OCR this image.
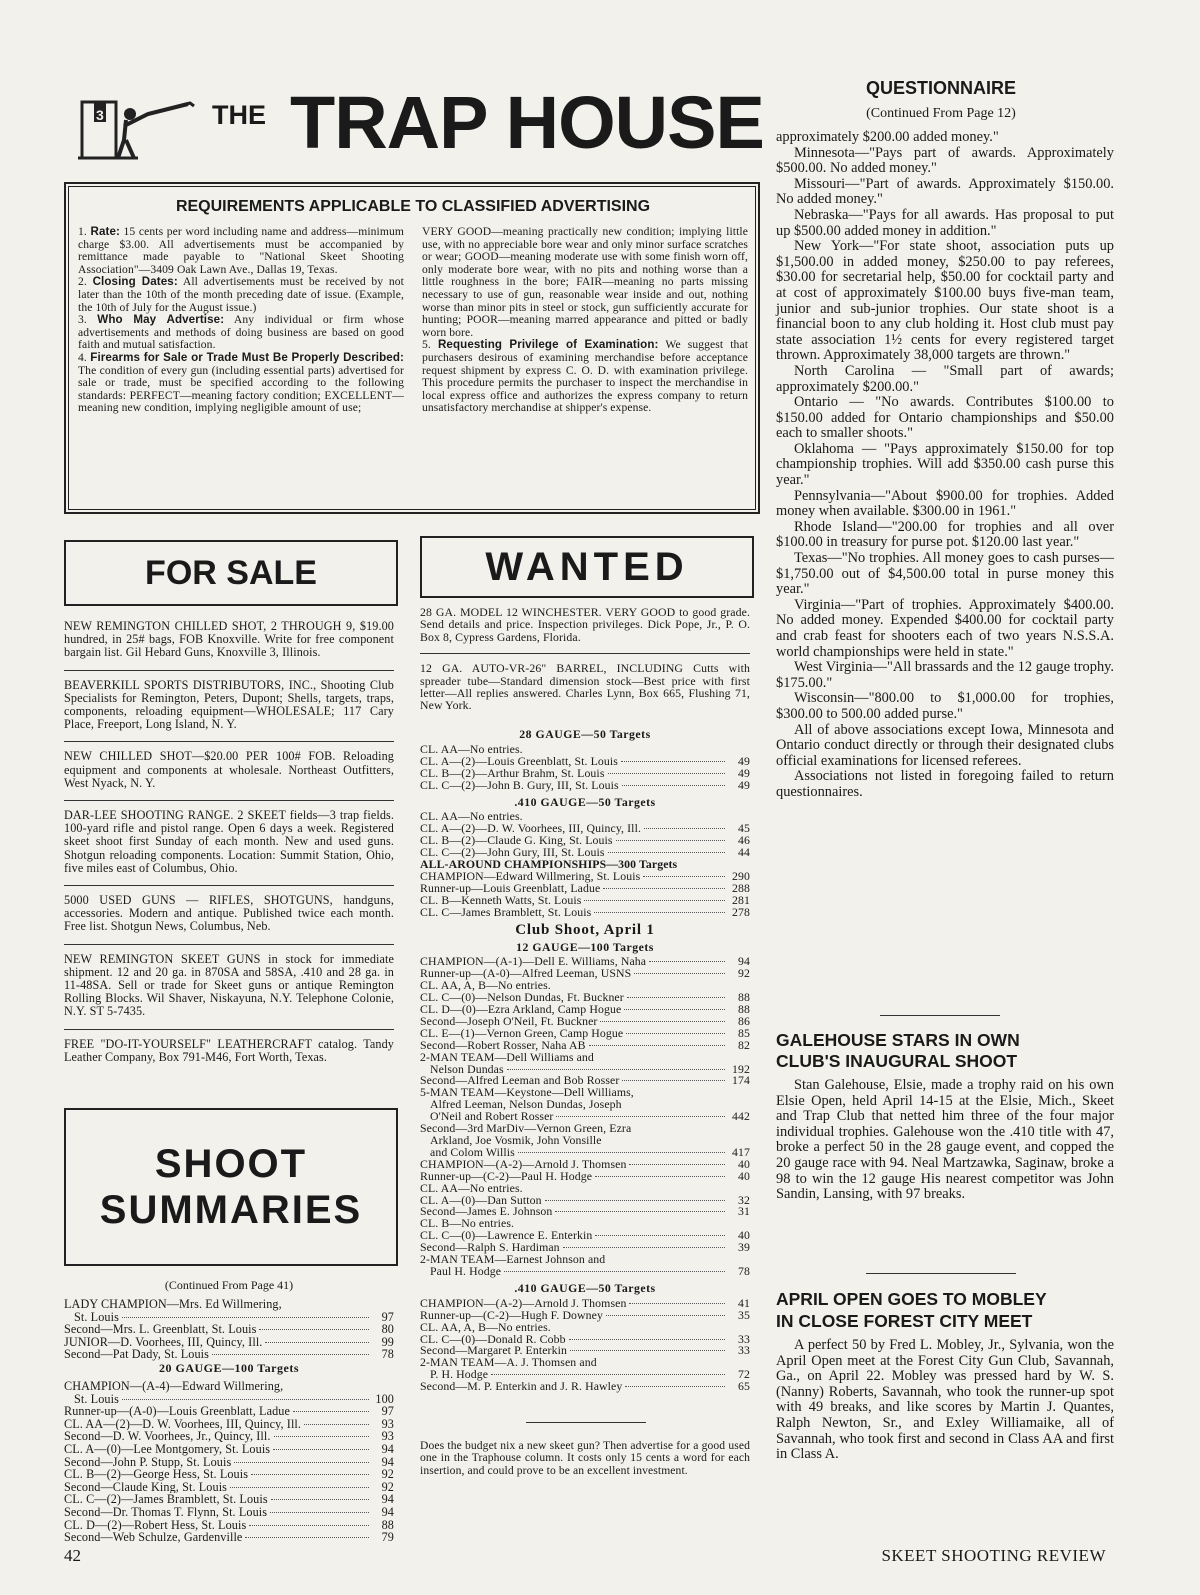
3	THE TRAP HOUSE
REQUIREMENTS APPLICABLE TO CLASSIFIED ADVERTISING

1. Rate: 15 cents per word including name and address—minimum charge $3.00. All advertisements must be accompanied by remittance made payable to "National Skeet Shooting Association"—3409 Oak Lawn Ave., Dallas 19, Texas.

2. Closing Dates: All advertisements must be received by not later than the 10th of the month preceding date of issue. (Example, the 10th of July for the August issue.)

3. Who May Advertise: Any individual or firm whose advertisements and methods of doing business are based on good faith and mutual satisfaction.

4. Firearms for Sale or Trade Must Be Properly Described: The condition of every gun (including essential parts) advertised for sale or trade, must be specified according to the following standards: PERFECT—meaning factory condition; EXCELLENT—meaning new condition, implying negligible amount of use;

VERY GOOD—meaning practically new condition; implying little use, with no appreciable bore wear and only minor surface scratches or wear; GOOD—meaning moderate use with some finish worn off, only moderate bore wear, with no pits and nothing worse than a little roughness in the bore; FAIR—meaning no parts missing necessary to use of gun, reasonable wear inside and out, nothing worse than minor pits in steel or stock, gun sufficiently accurate for hunting; POOR—meaning marred appearance and pitted or badly worn bore.

5. Requesting Privilege of Examination: We suggest that purchasers desirous of examining merchandise before acceptance request shipment by express C. O. D. with examination privilege. This procedure permits the purchaser to inspect the merchandise in local express office and authorizes the express company to return unsatisfactory merchandise at shipper's expense.

FOR SALE

NEW REMINGTON CHILLED SHOT, 2 THROUGH 9, $19.00 hundred, in 25# bags, FOB Knoxville. Write for free component bargain list. Gil Hebard Guns, Knoxville 3, Illinois.

BEAVERKILL SPORTS DISTRIBUTORS, INC., Shooting Club Specialists for Remington, Peters, Dupont; Shells, targets, traps, components, reloading equipment—WHOLESALE; 117 Cary Place, Freeport, Long Island, N. Y.

NEW CHILLED SHOT—$20.00 PER 100# FOB. Reloading equipment and components at wholesale. Northeast Outfitters, West Nyack, N. Y.

DAR-LEE SHOOTING RANGE. 2 SKEET fields—3 trap fields. 100-yard rifle and pistol range. Open 6 days a week. Registered skeet shoot first Sunday of each month. New and used guns. Shotgun reloading components. Location: Summit Station, Ohio, five miles east of Columbus, Ohio.

5000 USED GUNS — RIFLES, SHOTGUNS, handguns, accessories. Modern and antique. Published twice each month. Free list. Shotgun News, Columbus, Neb.

NEW REMINGTON SKEET GUNS in stock for immediate shipment. 12 and 20 ga. in 870SA and 58SA, .410 and 28 ga. in 11-48SA. Sell or trade for Skeet guns or antique Remington Rolling Blocks. Wil Shaver, Niskayuna, N.Y. Telephone Colonie, N.Y. ST 5-7435.

FREE "DO-IT-YOURSELF" LEATHERCRAFT catalog. Tandy Leather Company, Box 791-M46, Fort Worth, Texas.

SHOOT
SUMMARIES
(Continued From Page 41)
LADY CHAMPION—Mrs. Ed Willmering,
St. Louis	97
Second—Mrs. L. Greenblatt, St. Louis	80
JUNIOR—D. Voorhees, III, Quincy, Ill.	99
Second—Pat Dady, St. Louis	78
20 GAUGE—100 Targets
CHAMPION—(A-4)—Edward Willmering,
St. Louis	100
Runner-up—(A-0)—Louis Greenblatt, Ladue	97
CL. AA—(2)—D. W. Voorhees, III, Quincy, Ill.	93
Second—D. W. Voorhees, Jr., Quincy, Ill.	93
CL. A—(0)—Lee Montgomery, St. Louis	94
Second—John P. Stupp, St. Louis	94
CL. B—(2)—George Hess, St. Louis	92
Second—Claude King, St. Louis	92
CL. C—(2)—James Bramblett, St. Louis	94
Second—Dr. Thomas T. Flynn, St. Louis	94
CL. D—(2)—Robert Hess, St. Louis	88
Second—Web Schulze, Gardenville	79
WANTED

28 GA. MODEL 12 WINCHESTER. VERY GOOD to good grade. Send details and price. Inspection privileges. Dick Pope, Jr., P. O. Box 8, Cypress Gardens, Florida.

12 GA. AUTO-VR-26" BARREL, INCLUDING Cutts with spreader tube—Standard dimension stock—Best price with first letter—All replies answered. Charles Lynn, Box 665, Flushing 71, New York.

28 GAUGE—50 Targets
CL. AA—No entries.
CL. A—(2)—Louis Greenblatt, St. Louis	49
CL. B—(2)—Arthur Brahm, St. Louis	49
CL. C—(2)—John B. Gury, III, St. Louis	49
.410 GAUGE—50 Targets
CL. AA—No entries.
CL. A—(2)—D. W. Voorhees, III, Quincy, Ill.	45
CL. B—(2)—Claude G. King, St. Louis	46
CL. C—(2)—John Gury, III, St. Louis	44
ALL-AROUND CHAMPIONSHIPS—300 Targets
CHAMPION—Edward Willmering, St. Louis	290
Runner-up—Louis Greenblatt, Ladue	288
CL. B—Kenneth Watts, St. Louis	281
CL. C—James Bramblett, St. Louis	278
Club Shoot, April 1
12 GAUGE—100 Targets
CHAMPION—(A-1)—Dell E. Williams, Naha	94
Runner-up—(A-0)—Alfred Leeman, USNS	92
CL. AA, A, B—No entries.
CL. C—(0)—Nelson Dundas, Ft. Buckner	88
CL. D—(0)—Ezra Arkland, Camp Hogue	88
Second—Joseph O'Neil, Ft. Buckner	86
CL. E—(1)—Vernon Green, Camp Hogue	85
Second—Robert Rosser, Naha AB	82
2-MAN TEAM—Dell Williams and
Nelson Dundas	192
Second—Alfred Leeman and Bob Rosser	174
5-MAN TEAM—Keystone—Dell Williams,
Alfred Leeman, Nelson Dundas, Joseph
O'Neil and Robert Rosser	442
Second—3rd MarDiv—Vernon Green, Ezra
Arkland, Joe Vosmik, John Vonsille
and Colom Willis	417
CHAMPION—(A-2)—Arnold J. Thomsen	40
Runner-up—(C-2)—Paul H. Hodge	40
CL. AA—No entries.
CL. A—(0)—Dan Sutton	32
Second—James E. Johnson	31
CL. B—No entries.
CL. C—(0)—Lawrence E. Enterkin	40
Second—Ralph S. Hardiman	39
2-MAN TEAM—Earnest Johnson and
Paul H. Hodge	78
.410 GAUGE—50 Targets
CHAMPION—(A-2)—Arnold J. Thomsen	41
Runner-up—(C-2)—Hugh F. Downey	35
CL. AA, A, B—No entries.
CL. C—(0)—Donald R. Cobb	33
Second—Margaret P. Enterkin	33
2-MAN TEAM—A. J. Thomsen and
P. H. Hodge	72
Second—M. P. Enterkin and J. R. Hawley	65
Does the budget nix a new skeet gun? Then advertise for a good used one in the Traphouse column. It costs only 15 cents a word for each insertion, and could prove to be an excellent investment.
QUESTIONNAIRE
(Continued From Page 12)

approximately $200.00 added money."

Minnesota—"Pays part of awards. Approximately $500.00. No added money."

Missouri—"Part of awards. Approximately $150.00. No added money."

Nebraska—"Pays for all awards. Has proposal to put up $500.00 added money in addition."

New York—"For state shoot, association puts up $1,500.00 in added money, $250.00 to pay referees, $30.00 for secretarial help, $50.00 for cocktail party and at cost of approximately $100.00 buys five-man team, junior and sub-junior trophies. Our state shoot is a financial boon to any club holding it. Host club must pay state association 1½ cents for every registered target thrown. Approximately 38,000 targets are thrown."

North Carolina — "Small part of awards; approximately $200.00."

Ontario — "No awards. Contributes $100.00 to $150.00 added for Ontario championships and $50.00 each to smaller shoots."

Oklahoma — "Pays approximately $150.00 for top championship trophies. Will add $350.00 cash purse this year."

Pennsylvania—"About $900.00 for trophies. Added money when available. $300.00 in 1961."

Rhode Island—"200.00 for trophies and all over $100.00 in treasury for purse pot. $120.00 last year."

Texas—"No trophies. All money goes to cash purses—$1,750.00 out of $4,500.00 total in purse money this year."

Virginia—"Part of trophies. Approximately $400.00. No added money. Expended $400.00 for cocktail party and crab feast for shooters each of two years N.S.S.A. world championships were held in state."

West Virginia—"All brassards and the 12 gauge trophy. $175.00."

Wisconsin—"800.00 to $1,000.00 for trophies, $300.00 to 500.00 added purse."

All of above associations except Iowa, Minnesota and Ontario conduct directly or through their designated clubs official examinations for licensed referees.

Associations not listed in foregoing failed to return questionnaires.

GALEHOUSE STARS IN OWN
CLUB'S INAUGURAL SHOOT

Stan Galehouse, Elsie, made a trophy raid on his own Elsie Open, held April 14-15 at the Elsie, Mich., Skeet and Trap Club that netted him three of the four major individual trophies. Galehouse won the .410 title with 47, broke a perfect 50 in the 28 gauge event, and copped the 20 gauge race with 94. Neal Martzawka, Saginaw, broke a 98 to win the 12 gauge His nearest competitor was John Sandin, Lansing, with 97 breaks.

APRIL OPEN GOES TO MOBLEY
IN CLOSE FOREST CITY MEET

A perfect 50 by Fred L. Mobley, Jr., Sylvania, won the April Open meet at the Forest City Gun Club, Savannah, Ga., on April 22. Mobley was pressed hard by W. S. (Nanny) Roberts, Savannah, who took the runner-up spot with 49 breaks, and like scores by Martin J. Quantes, Ralph Newton, Sr., and Exley Williamaike, all of Savannah, who took first and second in Class AA and first in Class A.

42	SKEET SHOOTING REVIEW
